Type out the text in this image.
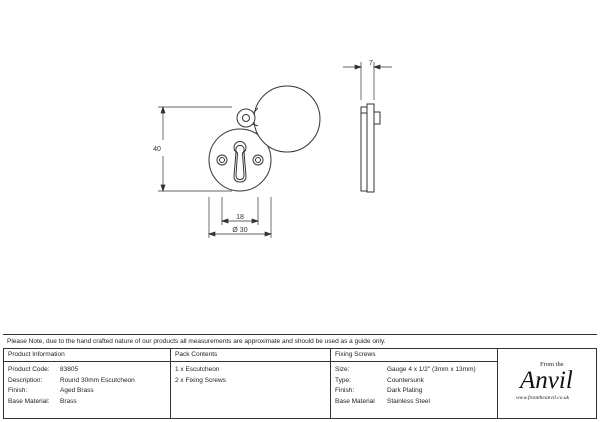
40
18
Ø 30
7
Please Note, due to the hand crafted nature of our products all measurements are approximate and should be used as a guide only.
Product Information
Product Code:	83805
Description:	Round 30mm Escutcheon
Finish:	Aged Brass
Base Material:	Brass
Pack Contents
1 x Escutcheon
2 x Fixing Screws
Fixing Screws
Size:	Gauge 4 x 1/2" (3mm x 13mm)
Type:	Countersunk
Finish:	Dark Plating
Base Material	Stainless Steel
From the
Anvil
www.fromtheanvil.co.uk
